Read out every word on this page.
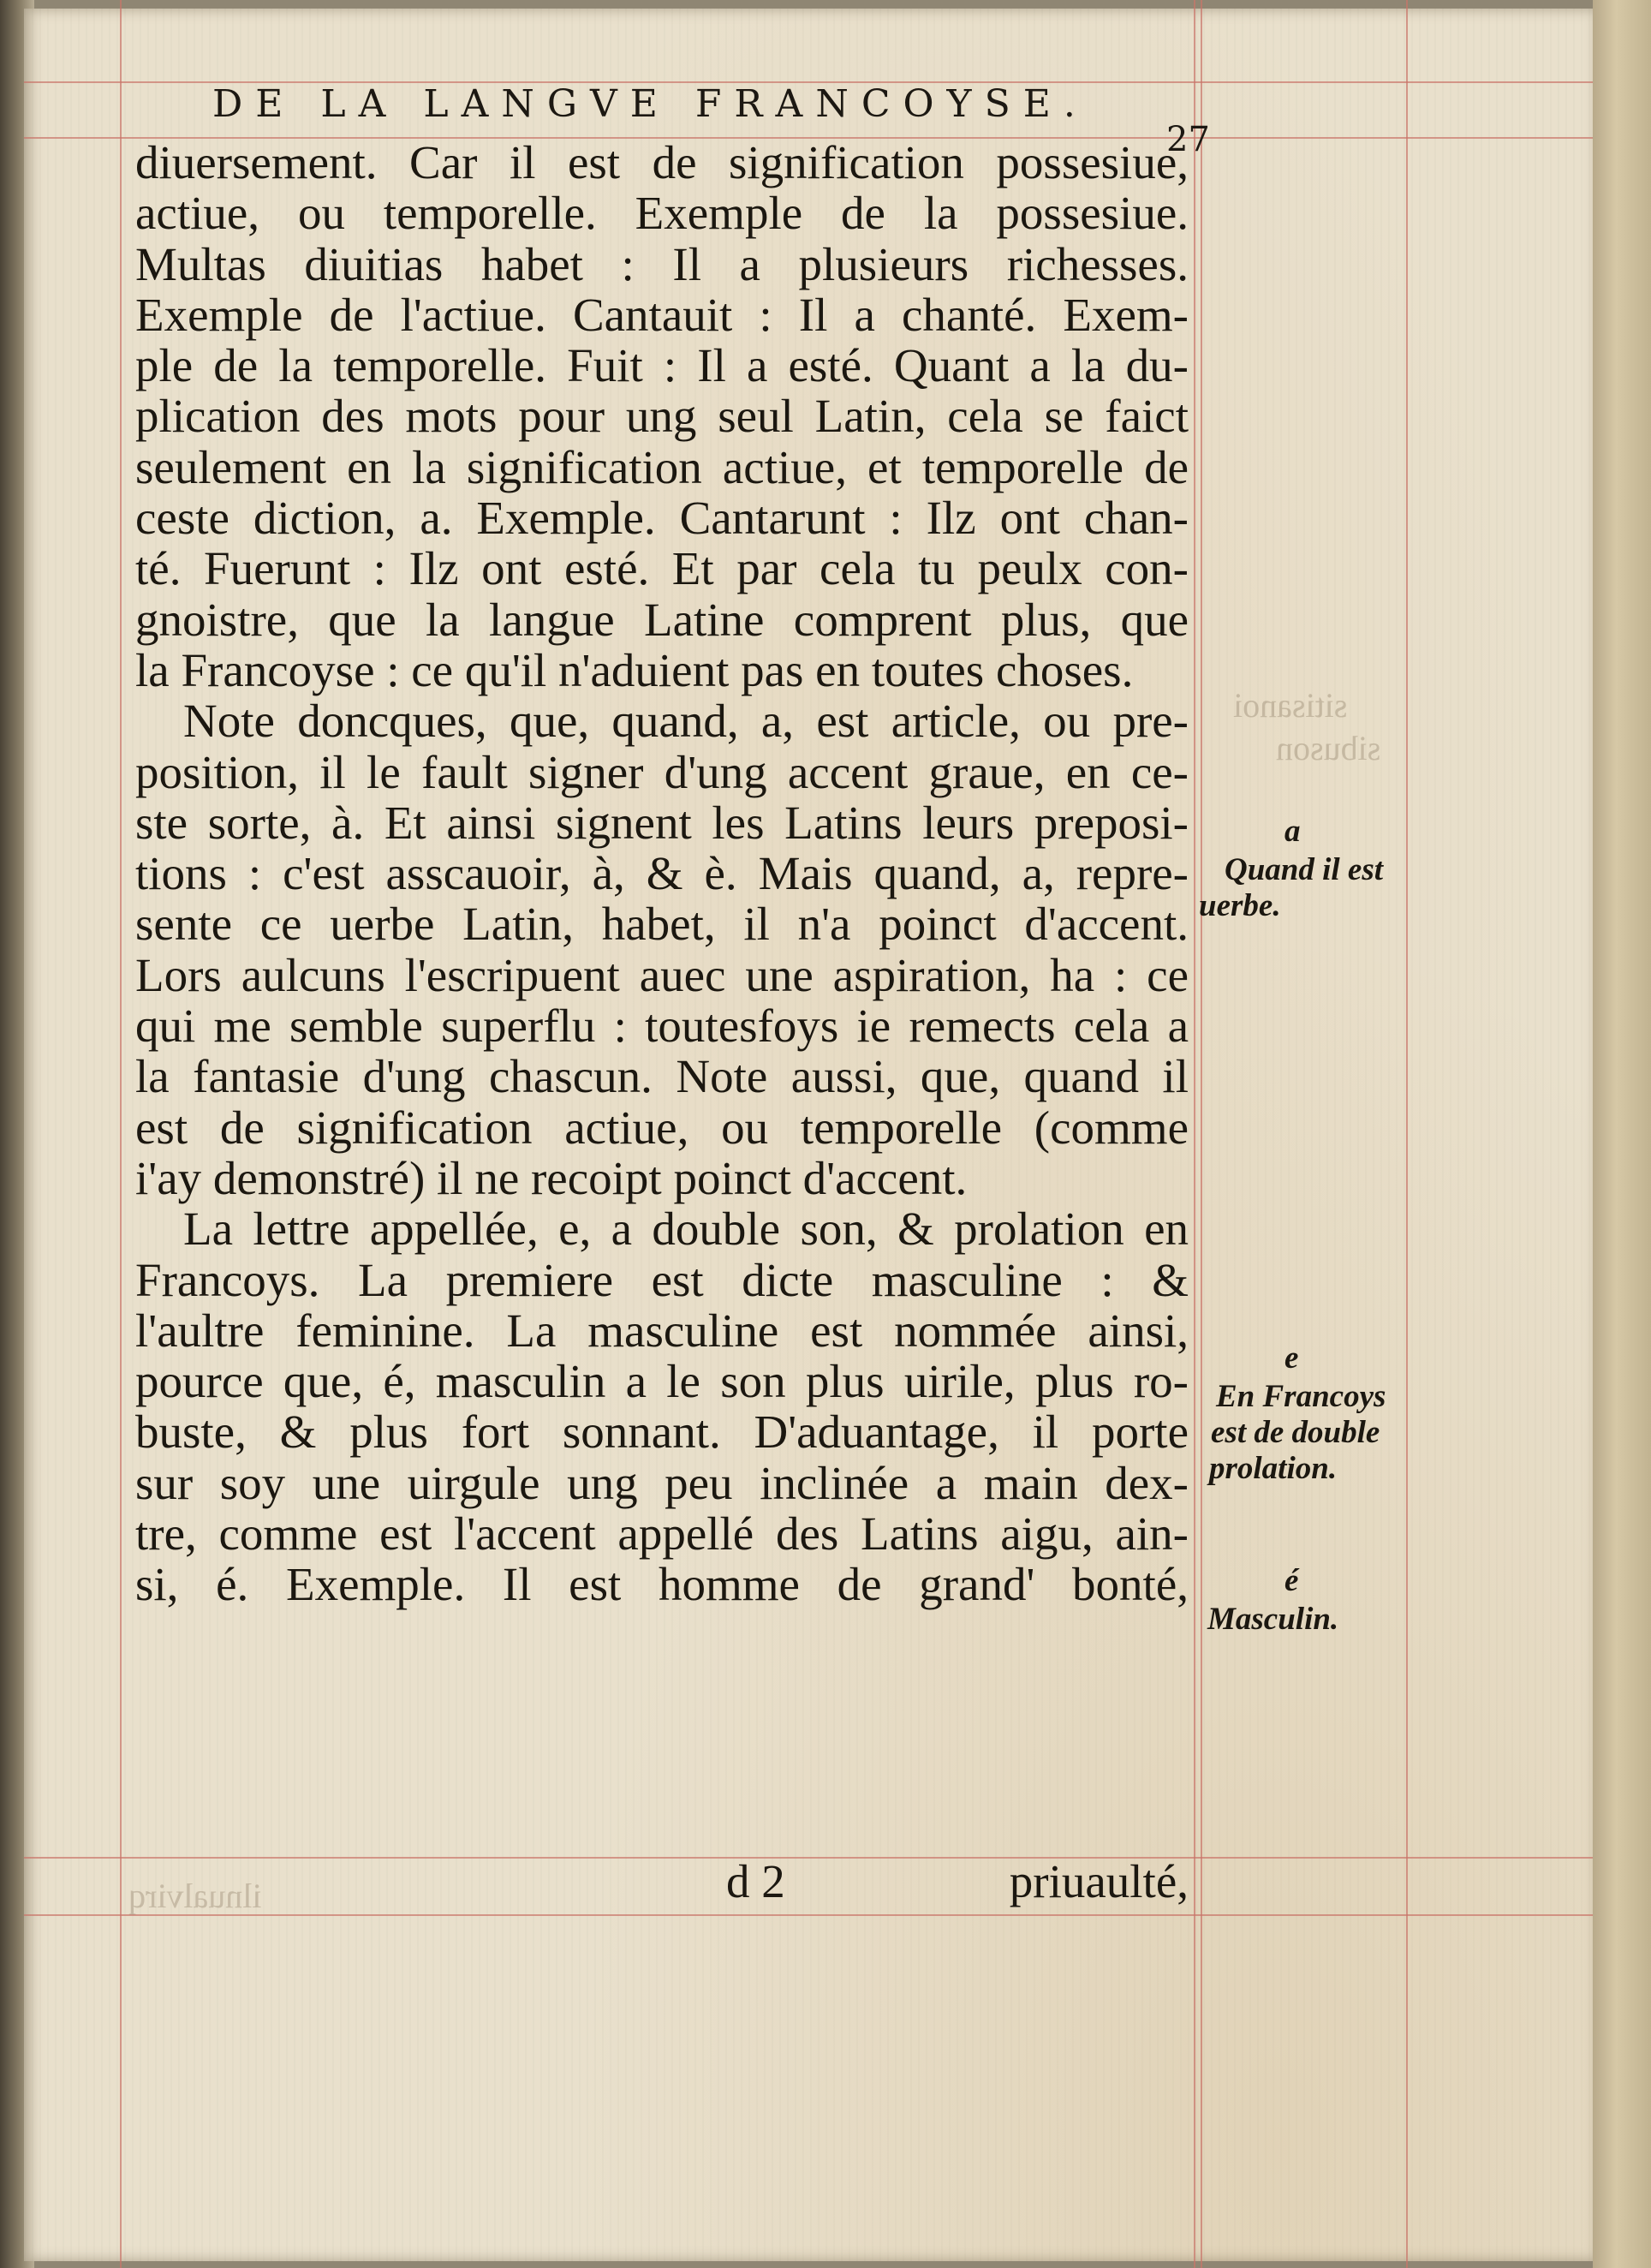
sitisanoi
sibuson
ilnualvirq
DE LA LANGVE FRANCOYSE.
27
diuersement. Car il est de signification possesiue,
actiue, ou temporelle. Exemple de la possesiue.
Multas diuitias habet : Il a plusieurs richesses.
Exemple de l'actiue. Cantauit : Il a chanté. Exem-
ple de la temporelle. Fuit : Il a esté. Quant a la du-
plication des mots pour ung seul Latin, cela se faict
seulement en la signification actiue, et temporelle de
ceste diction, a. Exemple. Cantarunt : Ilz ont chan-
té. Fuerunt : Ilz ont esté. Et par cela tu peulx con-
gnoistre, que la langue Latine comprent plus, que
la Francoyse : ce qu'il n'aduient pas en toutes choses.
Note doncques, que, quand, a, est article, ou pre-
position, il le fault signer d'ung accent graue, en ce-
ste sorte, à. Et ainsi signent les Latins leurs preposi-
tions : c'est asscauoir, à, & è. Mais quand, a, repre-
sente ce uerbe Latin, habet, il n'a poinct d'accent.
Lors aulcuns l'escripuent auec une aspiration, ha : ce
qui me semble superflu : toutesfoys ie remects cela a
la fantasie d'ung chascun. Note aussi, que, quand il
est de signification actiue, ou temporelle (comme
i'ay demonstré) il ne recoipt poinct d'accent.
La lettre appellée, e, a double son, & prolation en
Francoys. La premiere est dicte masculine : &
l'aultre feminine. La masculine est nommée ainsi,
pource que, é, masculin a le son plus uirile, plus ro-
buste, & plus fort sonnant. D'aduantage, il porte
sur soy une uirgule ung peu inclinée a main dex-
tre, comme est l'accent appellé des Latins aigu, ain-
si, é. Exemple. Il est homme de grand' bonté,
d 2	priuaulté,
a
Quand il est
uerbe.
e
En Francoys
est de double
prolation.
é
Masculin.
